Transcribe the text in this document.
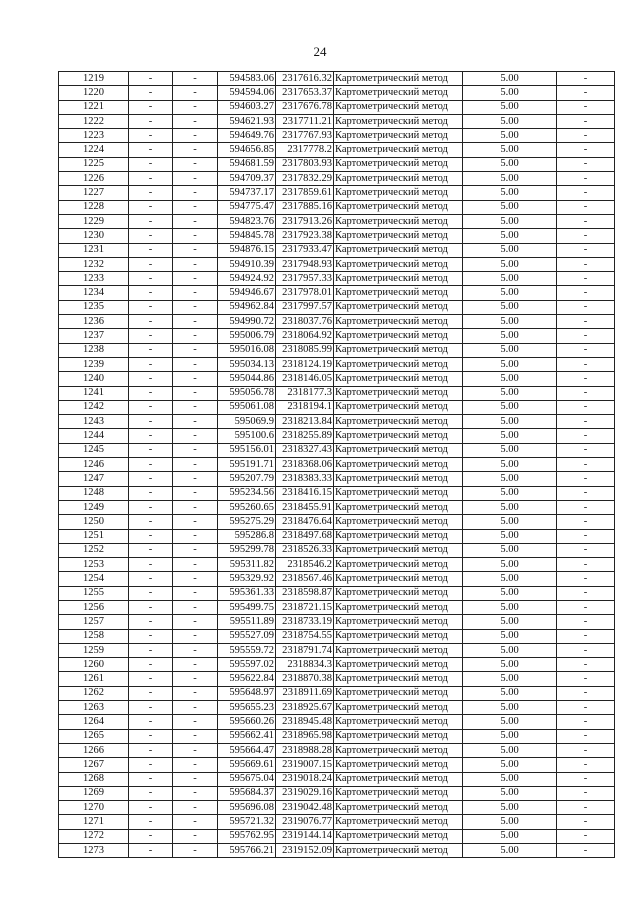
24
1219	-	-	594583.06	2317616.32	Картометрический метод	5.00	-
1220	-	-	594594.06	2317653.37	Картометрический метод	5.00	-
1221	-	-	594603.27	2317676.78	Картометрический метод	5.00	-
1222	-	-	594621.93	2317711.21	Картометрический метод	5.00	-
1223	-	-	594649.76	2317767.93	Картометрический метод	5.00	-
1224	-	-	594656.85	2317778.2	Картометрический метод	5.00	-
1225	-	-	594681.59	2317803.93	Картометрический метод	5.00	-
1226	-	-	594709.37	2317832.29	Картометрический метод	5.00	-
1227	-	-	594737.17	2317859.61	Картометрический метод	5.00	-
1228	-	-	594775.47	2317885.16	Картометрический метод	5.00	-
1229	-	-	594823.76	2317913.26	Картометрический метод	5.00	-
1230	-	-	594845.78	2317923.38	Картометрический метод	5.00	-
1231	-	-	594876.15	2317933.47	Картометрический метод	5.00	-
1232	-	-	594910.39	2317948.93	Картометрический метод	5.00	-
1233	-	-	594924.92	2317957.33	Картометрический метод	5.00	-
1234	-	-	594946.67	2317978.01	Картометрический метод	5.00	-
1235	-	-	594962.84	2317997.57	Картометрический метод	5.00	-
1236	-	-	594990.72	2318037.76	Картометрический метод	5.00	-
1237	-	-	595006.79	2318064.92	Картометрический метод	5.00	-
1238	-	-	595016.08	2318085.99	Картометрический метод	5.00	-
1239	-	-	595034.13	2318124.19	Картометрический метод	5.00	-
1240	-	-	595044.86	2318146.05	Картометрический метод	5.00	-
1241	-	-	595056.78	2318177.3	Картометрический метод	5.00	-
1242	-	-	595061.08	2318194.1	Картометрический метод	5.00	-
1243	-	-	595069.9	2318213.84	Картометрический метод	5.00	-
1244	-	-	595100.6	2318255.89	Картометрический метод	5.00	-
1245	-	-	595156.01	2318327.43	Картометрический метод	5.00	-
1246	-	-	595191.71	2318368.06	Картометрический метод	5.00	-
1247	-	-	595207.79	2318383.33	Картометрический метод	5.00	-
1248	-	-	595234.56	2318416.15	Картометрический метод	5.00	-
1249	-	-	595260.65	2318455.91	Картометрический метод	5.00	-
1250	-	-	595275.29	2318476.64	Картометрический метод	5.00	-
1251	-	-	595286.8	2318497.68	Картометрический метод	5.00	-
1252	-	-	595299.78	2318526.33	Картометрический метод	5.00	-
1253	-	-	595311.82	2318546.2	Картометрический метод	5.00	-
1254	-	-	595329.92	2318567.46	Картометрический метод	5.00	-
1255	-	-	595361.33	2318598.87	Картометрический метод	5.00	-
1256	-	-	595499.75	2318721.15	Картометрический метод	5.00	-
1257	-	-	595511.89	2318733.19	Картометрический метод	5.00	-
1258	-	-	595527.09	2318754.55	Картометрический метод	5.00	-
1259	-	-	595559.72	2318791.74	Картометрический метод	5.00	-
1260	-	-	595597.02	2318834.3	Картометрический метод	5.00	-
1261	-	-	595622.84	2318870.38	Картометрический метод	5.00	-
1262	-	-	595648.97	2318911.69	Картометрический метод	5.00	-
1263	-	-	595655.23	2318925.67	Картометрический метод	5.00	-
1264	-	-	595660.26	2318945.48	Картометрический метод	5.00	-
1265	-	-	595662.41	2318965.98	Картометрический метод	5.00	-
1266	-	-	595664.47	2318988.28	Картометрический метод	5.00	-
1267	-	-	595669.61	2319007.15	Картометрический метод	5.00	-
1268	-	-	595675.04	2319018.24	Картометрический метод	5.00	-
1269	-	-	595684.37	2319029.16	Картометрический метод	5.00	-
1270	-	-	595696.08	2319042.48	Картометрический метод	5.00	-
1271	-	-	595721.32	2319076.77	Картометрический метод	5.00	-
1272	-	-	595762.95	2319144.14	Картометрический метод	5.00	-
1273	-	-	595766.21	2319152.09	Картометрический метод	5.00	-
